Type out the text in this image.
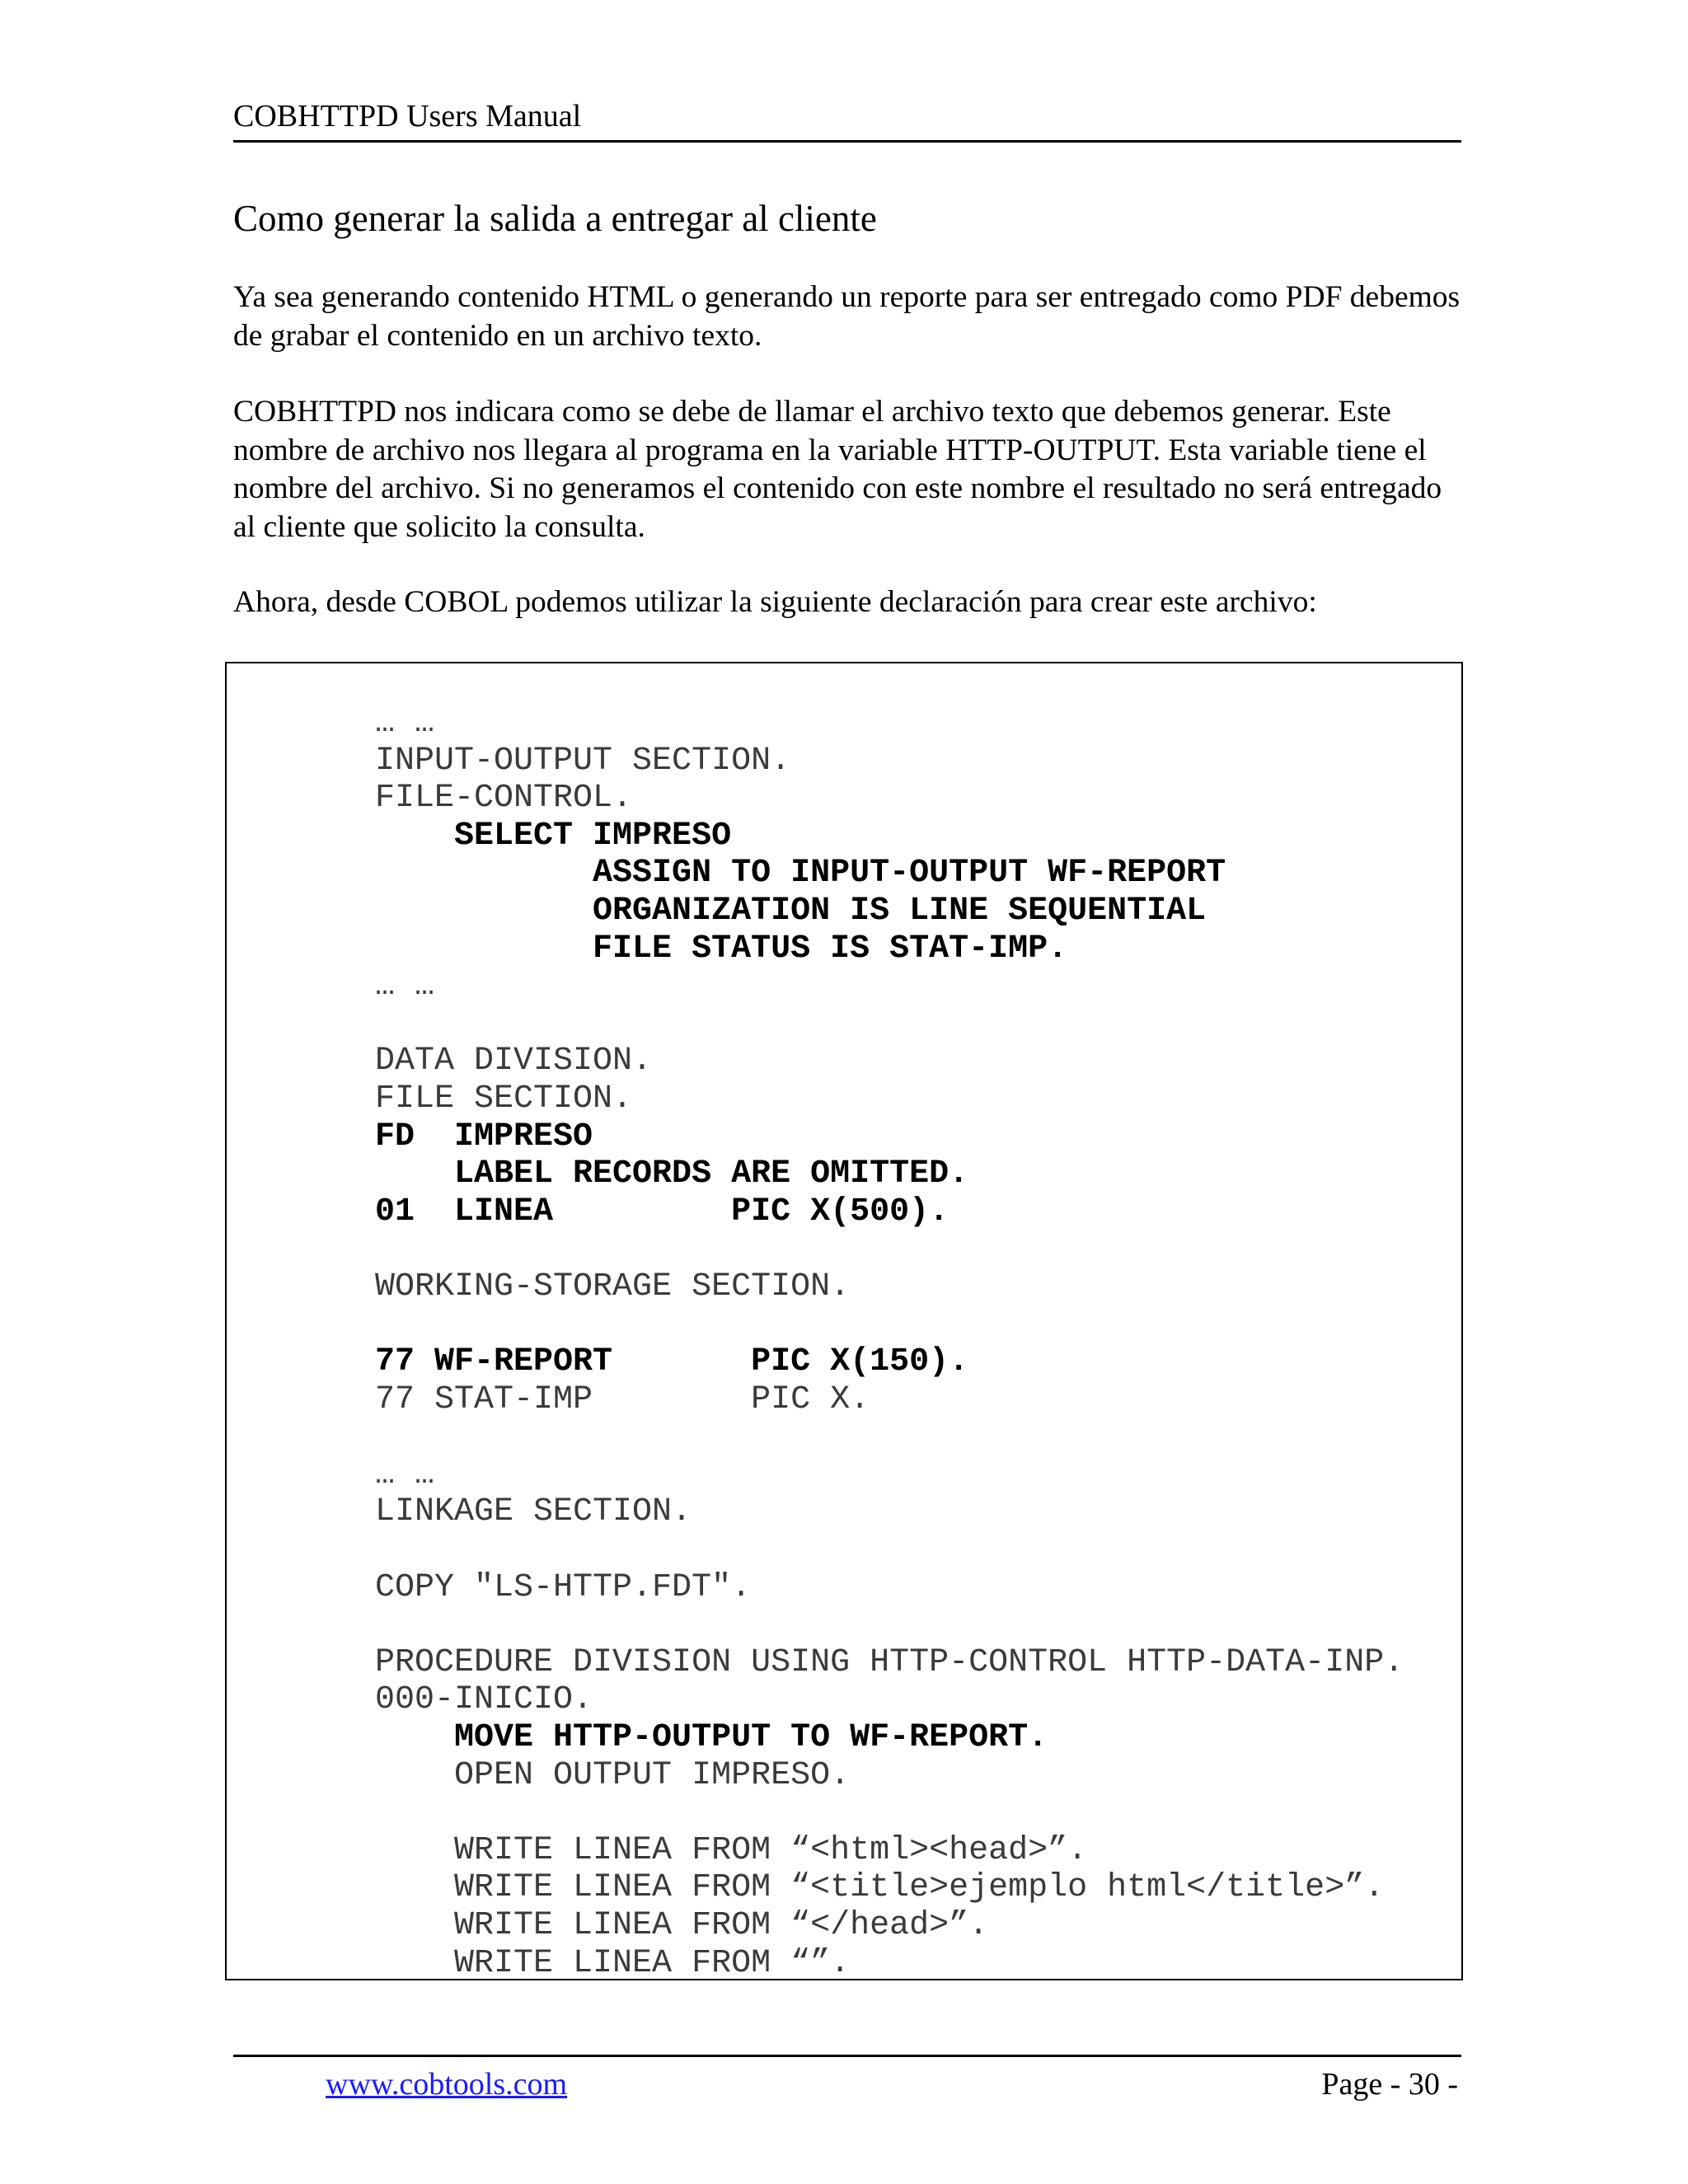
COBHTTPD Users Manual
Como generar la salida a entregar al cliente

Ya sea generando contenido HTML o generando un reporte para ser entregado como PDF debemos de grabar el contenido en un archivo texto.

COBHTTPD nos indicara como se debe de llamar el archivo texto que debemos generar. Este nombre de archivo nos llegara al programa en la variable HTTP-OUTPUT. Esta variable tiene el nombre del archivo. Si no generamos el contenido con este nombre el resultado no será entregado al cliente que solicito la consulta.

Ahora, desde COBOL podemos utilizar la siguiente declaración para crear este archivo:

… …
INPUT-OUTPUT SECTION.
FILE-CONTROL.
SELECT IMPRESO
ASSIGN TO INPUT-OUTPUT WF-REPORT
ORGANIZATION IS LINE SEQUENTIAL
FILE STATUS IS STAT-IMP.
… …
DATA DIVISION.
FILE SECTION.
FD  IMPRESO
LABEL RECORDS ARE OMITTED.
01  LINEA         PIC X(500).
WORKING-STORAGE SECTION.
77 WF-REPORT       PIC X(150).
77 STAT-IMP        PIC X.
… …
LINKAGE SECTION.
COPY "LS-HTTP.FDT".
PROCEDURE DIVISION USING HTTP-CONTROL HTTP-DATA-INP.
000-INICIO.
MOVE HTTP-OUTPUT TO WF-REPORT.
OPEN OUTPUT IMPRESO.
WRITE LINEA FROM “<html><head>”.
WRITE LINEA FROM “<title>ejemplo html</title>”.
WRITE LINEA FROM “</head>”.
WRITE LINEA FROM “”.
www.cobtools.com	Page - 30 -
